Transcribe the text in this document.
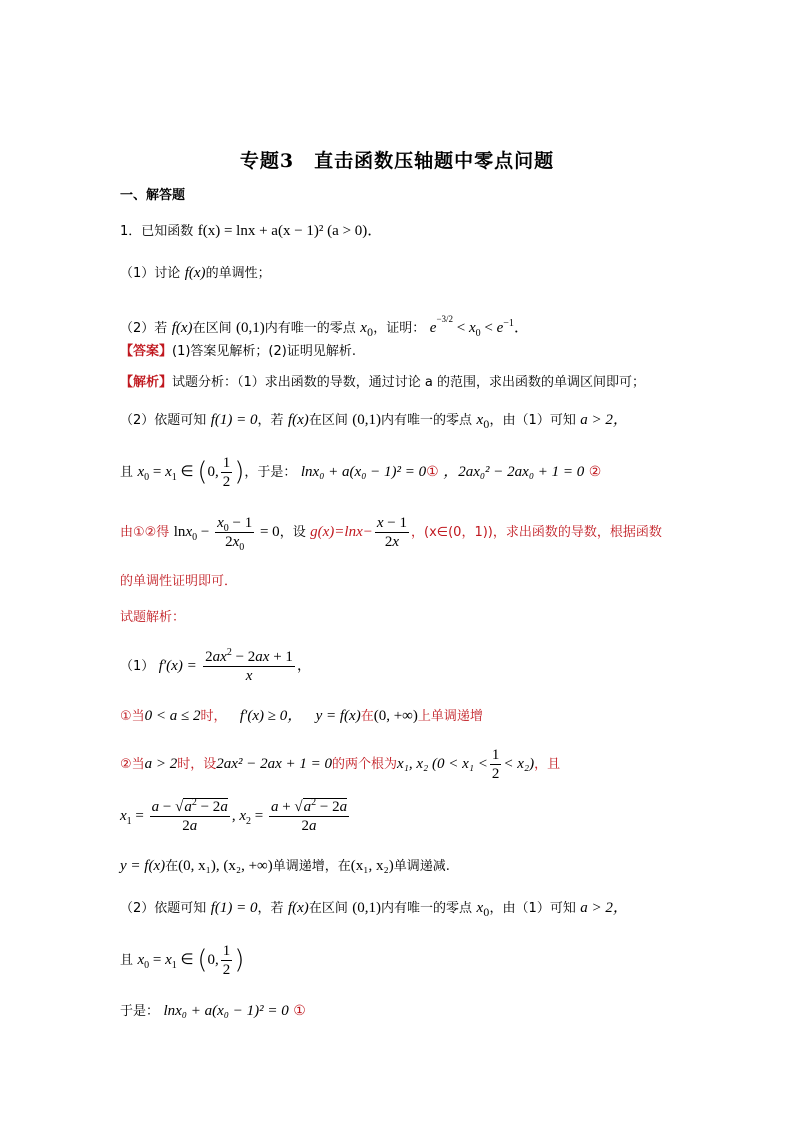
专题3 直击函数压轴题中零点问题
一、解答题
1．已知函数 f(x) = lnx + a(x − 1)² (a > 0)．
（1）讨论 f(x)的单调性；
（2）若 f(x)在区间 (0,1)内有唯一的零点 $x_0$，证明： $e^{-3/2} < x_0 < e^{-1}$．
【答案】(1)答案见解析；(2)证明见解析.
【解析】试题分析：（1）求出函数的导数，通过讨论 a 的范围，求出函数的单调区间即可；
（2）依题可知 f(1) = 0，若 f(x)在区间 (0,1)内有唯一的零点 $x_0$，由（1）可知 a > 2，
且 $x_0 = x_1$ ∈ (0, $\frac{1}{2}$ )，于是： lnx₀ + a(x₀ − 1)² = 0① ，2ax₀² − 2ax₀ + 1 = 0 ②
由①②得 $\ln x_0 - \frac{x_0 - 1}{2x_0} = 0$，设 $g(x)=\ln x- \frac{x - 1}{2x}$ ，(x∈(0，1))，求出函数的导数，根据函数
的单调性证明即可．
试题解析：
（1） $f'(x) = \frac{2ax^2 - 2ax + 1}{x}$ ，
①当0 < a ≤ 2时， f′(x) ≥ 0， y = f(x)在(0, +∞)上单调递增
②当a > 2时，设2ax² − 2ax + 1 = 0的两个根为x₁, x₂ $(0 < x_1 < \frac{1}{2} < x_2)$，且
$x_1 = \frac{a - √a^2 - 2a}{2a}$ , $x_2 = \frac{a + √a^2 - 2a}{2a}$
y = f(x)在(0, x₁), (x₂, +∞)单调递增，在(x₁, x₂)单调递减.
（2）依题可知 f(1) = 0，若 f(x)在区间 (0,1)内有唯一的零点 $x_0$，由（1）可知 a > 2，
且 $x_0 = x_1$ ∈ (0, $\frac{1}{2}$ )
于是： lnx₀ + a(x₀ − 1)² = 0 ①
